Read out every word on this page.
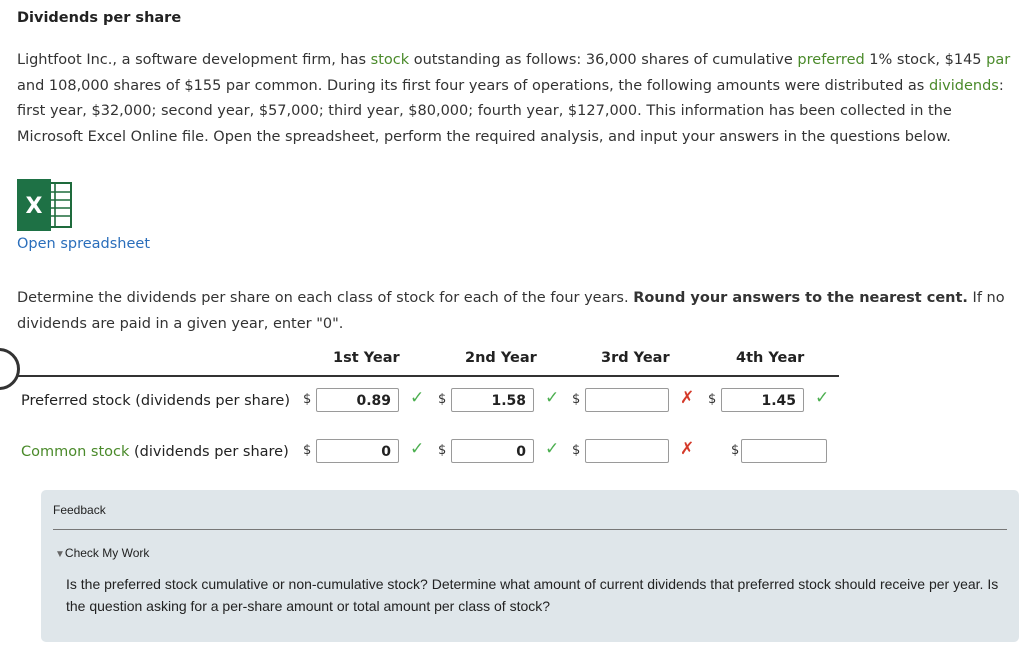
Dividends per share
Lightfoot Inc., a software development firm, has stock outstanding as follows: 36,000 shares of cumulative preferred 1% stock, $145 par and 108,000 shares of $155 par common. During its first four years of operations, the following amounts were distributed as dividends: first year, $32,000; second year, $57,000; third year, $80,000; fourth year, $127,000. This information has been collected in the Microsoft Excel Online file. Open the spreadsheet, perform the required analysis, and input your answers in the questions below.
X
Open spreadsheet
Determine the dividends per share on each class of stock for each of the four years. Round your answers to the nearest cent. If no dividends are paid in a given year, enter "0".
1st Year	2nd Year	3rd Year	4th Year
Preferred stock (dividends per share) $	0.89	✓ $	1.58	✓ $	✗ $	1.45	✓
Common stock (dividends per share) $	0	✓ $	0	✓ $	✗	$
Feedback
▼Check My Work
Is the preferred stock cumulative or non-cumulative stock? Determine what amount of current dividends that preferred stock should receive per year. Is the question asking for a per-share amount or total amount per class of stock?
